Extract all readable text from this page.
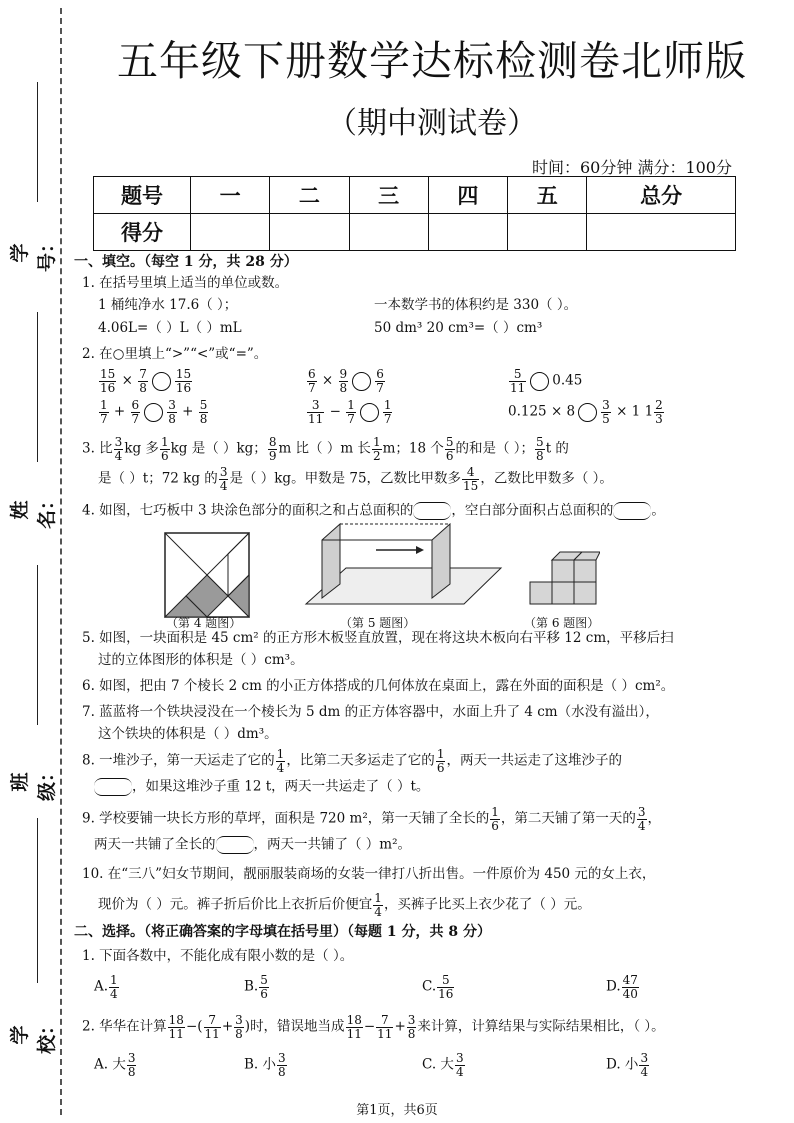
学号：
姓名：
班级：
学校：
五年级下册数学达标检测卷北师版
（期中测试卷）
时间：60分钟 满分：100分
题号	一	二	三	四	五	总分
得分						
一、填空。（每空 1 分，共 28 分）
1. 在括号里填上适当的单位或数。
1 桶纯净水 17.6（ ）；	一本数学书的体积约是 330（ ）。
4.06L=（ ）L（ ）mL	50 dm³ 20 cm³=（ ）cm³
2. 在○里填上“>”“<”或“=”。
$\frac{15}{16} \times \frac{7}{8} \frac{15}{16}$	$\frac{6}{7} \times \frac{9}{8} \frac{6}{7}$	$\frac{5}{11} 0.45$
$\frac{1}{7} + \frac{6}{7} \frac{3}{8} + \frac{5}{8}$	$\frac{3}{11} - \frac{1}{7} \frac{1}{7}$	$0.125 \times 8 \frac{3}{5} \times 1$ $1 \frac{2}{3}$
3. 比 $\frac{3}{4}$ kg 多 $\frac{1}{6}$ kg 是（ ）kg； $\frac{8}{9}$ m 比（ ）m 长 $\frac{1}{2}$ m；18 个 $\frac{5}{6}$ 的和是（ ）； $\frac{5}{8}$ t 的
是（ ）t；72 kg 的 $\frac{3}{4}$ 是（ ）kg。甲数是 75，乙数比甲数多 $\frac{4}{15}$ ，乙数比甲数多（ ）。
4. 如图，七巧板中 3 块涂色部分的面积之和占总面积的	，空白部分面积占总面积的	。
（第 4 题图）	（第 5 题图）	（第 6 题图）
5. 如图，一块面积是 45 cm² 的正方形木板竖直放置，现在将这块木板向右平移 12 cm，平移后扫
过的立体图形的体积是（ ）cm³。
6. 如图，把由 7 个棱长 2 cm 的小正方体搭成的几何体放在桌面上，露在外面的面积是（ ）cm²。
7. 蓝蓝将一个铁块浸没在一个棱长为 5 dm 的正方体容器中，水面上升了 4 cm（水没有溢出），
这个铁块的体积是（ ）dm³。
8. 一堆沙子，第一天运走了它的 $\frac{1}{4}$ ，比第二天多运走了它的 $\frac{1}{6}$ ，两天一共运走了这堆沙子的
，如果这堆沙子重 12 t，两天一共运走了（ ）t。
9. 学校要铺一块长方形的草坪，面积是 720 m²，第一天铺了全长的 $\frac{1}{6}$ ，第二天铺了第一天的 $\frac{3}{4}$ ，
两天一共铺了全长的	，两天一共铺了（ ）m²。
10. 在“三八”妇女节期间，靓丽服装商场的女装一律打八折出售。一件原价为 450 元的女上衣，
现价为（ ）元。裤子折后价比上衣折后价便宜 $\frac{1}{4}$ ，买裤子比买上衣少花了（ ）元。
二、选择。（将正确答案的字母填在括号里）（每题 1 分，共 8 分）
1. 下面各数中，不能化成有限小数的是（ ）。
A. $\frac{1}{4}$	B. $\frac{5}{6}$	C. $\frac{5}{16}$	D. $\frac{47}{40}$
2. 华华在计算 $\frac{18}{11}$ −( $\frac{7}{11} + \frac{3}{8}$ )时，错误地当成 $\frac{18}{11} - \frac{7}{11} + \frac{3}{8}$ 来计算，计算结果与实际结果相比，（ ）。
A. 大 $\frac{3}{8}$	B. 小 $\frac{3}{8}$	C. 大 $\frac{3}{4}$	D. 小 $\frac{3}{4}$
第1页，共6页
